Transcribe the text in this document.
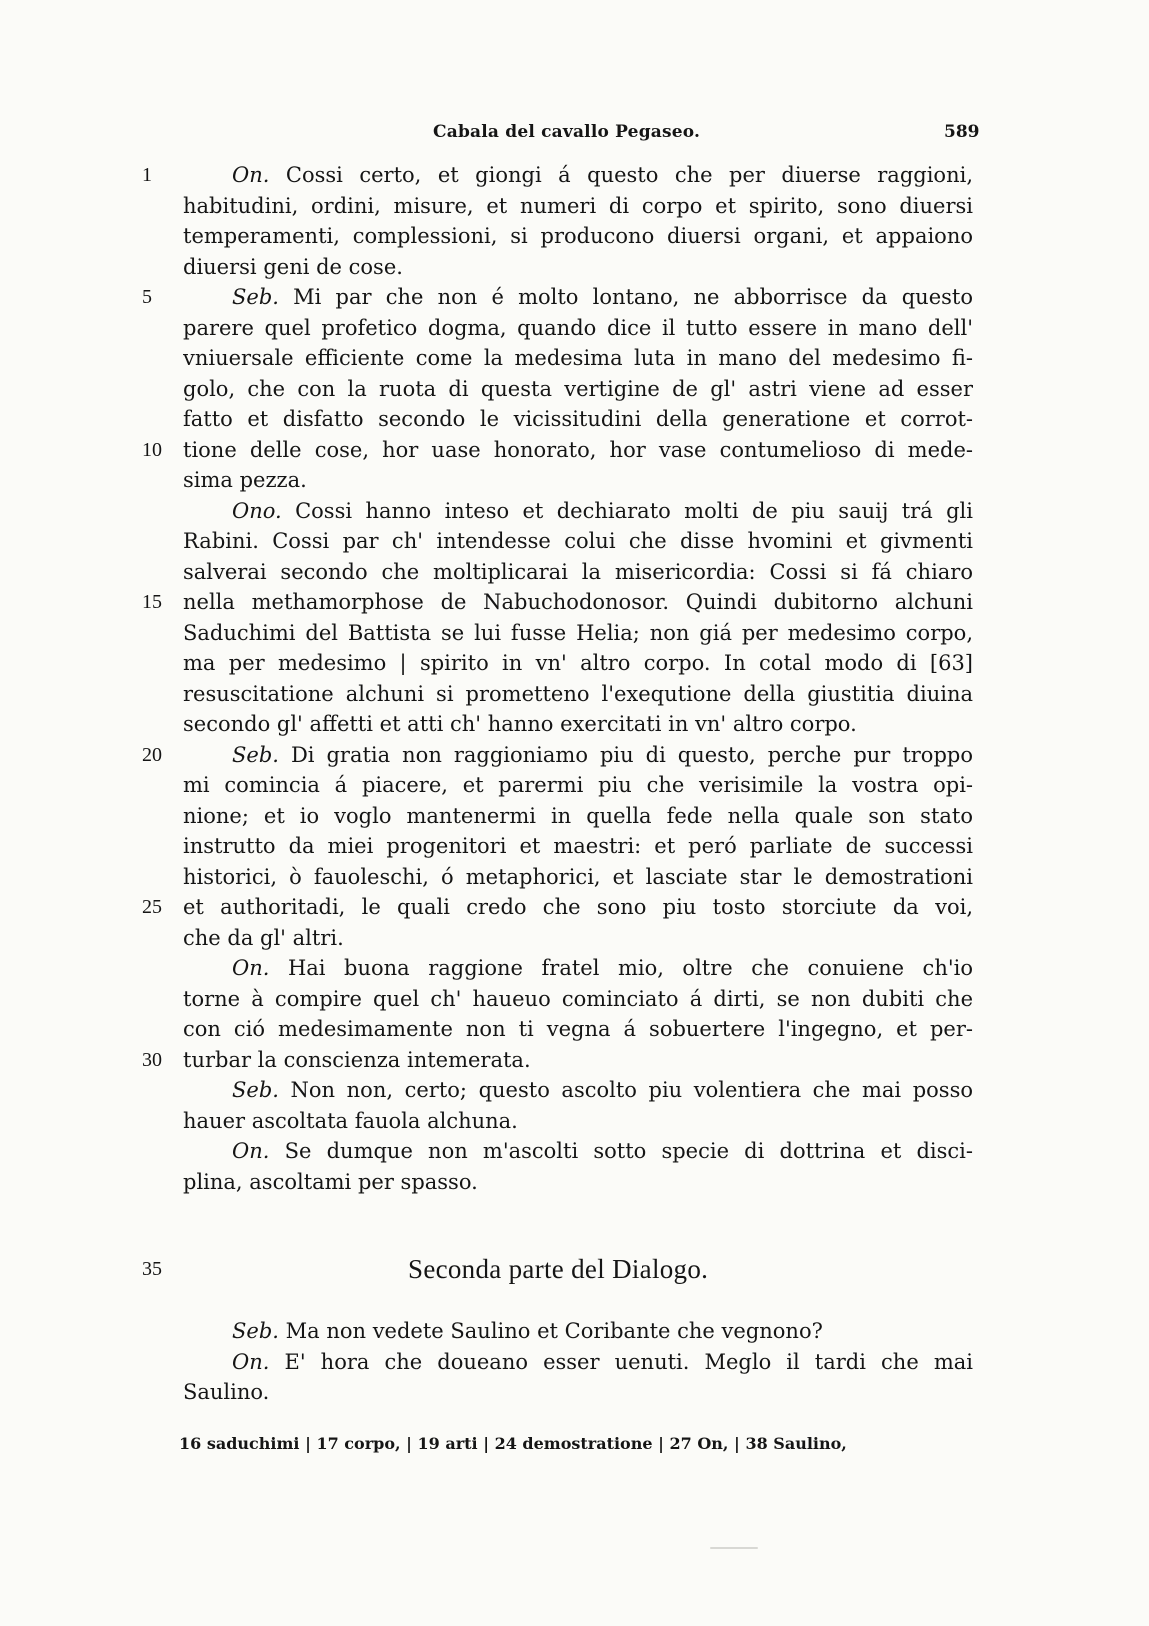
Cabala del cavallo Pegaseo.	589
1	On. Cossi certo, et giongi á questo che per diuerse raggioni,
habitudini, ordini, misure, et numeri di corpo et spirito, sono diuersi
temperamenti, complessioni, si producono diuersi organi, et appaiono
diuersi geni de cose.
5	Seb. Mi par che non é molto lontano, ne abborrisce da questo
parere quel profetico dogma, quando dice il tutto essere in mano dell'
vniuersale efficiente come la medesima luta in mano del medesimo fi-
golo, che con la ruota di questa vertigine de gl' astri viene ad esser
fatto et disfatto secondo le vicissitudini della generatione et corrot-
10 tione delle cose, hor uase honorato, hor vase contumelioso di mede-
sima pezza.
Ono. Cossi hanno inteso et dechiarato molti de piu sauij trá gli
Rabini. Cossi par ch' intendesse colui che disse hvomini et givmenti
salverai secondo che moltiplicarai la misericordia: Cossi si fá chiaro
15 nella methamorphose de Nabuchodonosor. Quindi dubitorno alchuni
Saduchimi del Battista se lui fusse Helia; non giá per medesimo corpo,
ma per medesimo | spirito in vn' altro corpo. In cotal modo di [63]
resuscitatione alchuni si prometteno l'exequtione della giustitia diuina
secondo gl' affetti et atti ch' hanno exercitati in vn' altro corpo.
20	Seb. Di gratia non raggioniamo piu di questo, perche pur troppo
mi comincia á piacere, et parermi piu che verisimile la vostra opi-
nione; et io voglo mantenermi in quella fede nella quale son stato
instrutto da miei progenitori et maestri: et peró parliate de successi
historici, ò fauoleschi, ó metaphorici, et lasciate star le demostrationi
25 et authoritadi, le quali credo che sono piu tosto storciute da voi,
che da gl' altri.
On. Hai buona raggione fratel mio, oltre che conuiene ch'io
torne à compire quel ch' haueuo cominciato á dirti, se non dubiti che
con ció medesimamente non ti vegna á sobuertere l'ingegno, et per-
30 turbar la conscienza intemerata.
Seb. Non non, certo; questo ascolto piu volentiera che mai posso
hauer ascoltata fauola alchuna.
On. Se dumque non m'ascolti sotto specie di dottrina et disci-
plina, ascoltami per spasso.
35	Seconda parte del Dialogo.
Seb. Ma non vedete Saulino et Coribante che vegnono?
On. E' hora che doueano esser uenuti. Meglo il tardi che mai
Saulino.
16 saduchimi | 17 corpo, | 19 arti | 24 demostratione | 27 On, | 38 Saulino,
